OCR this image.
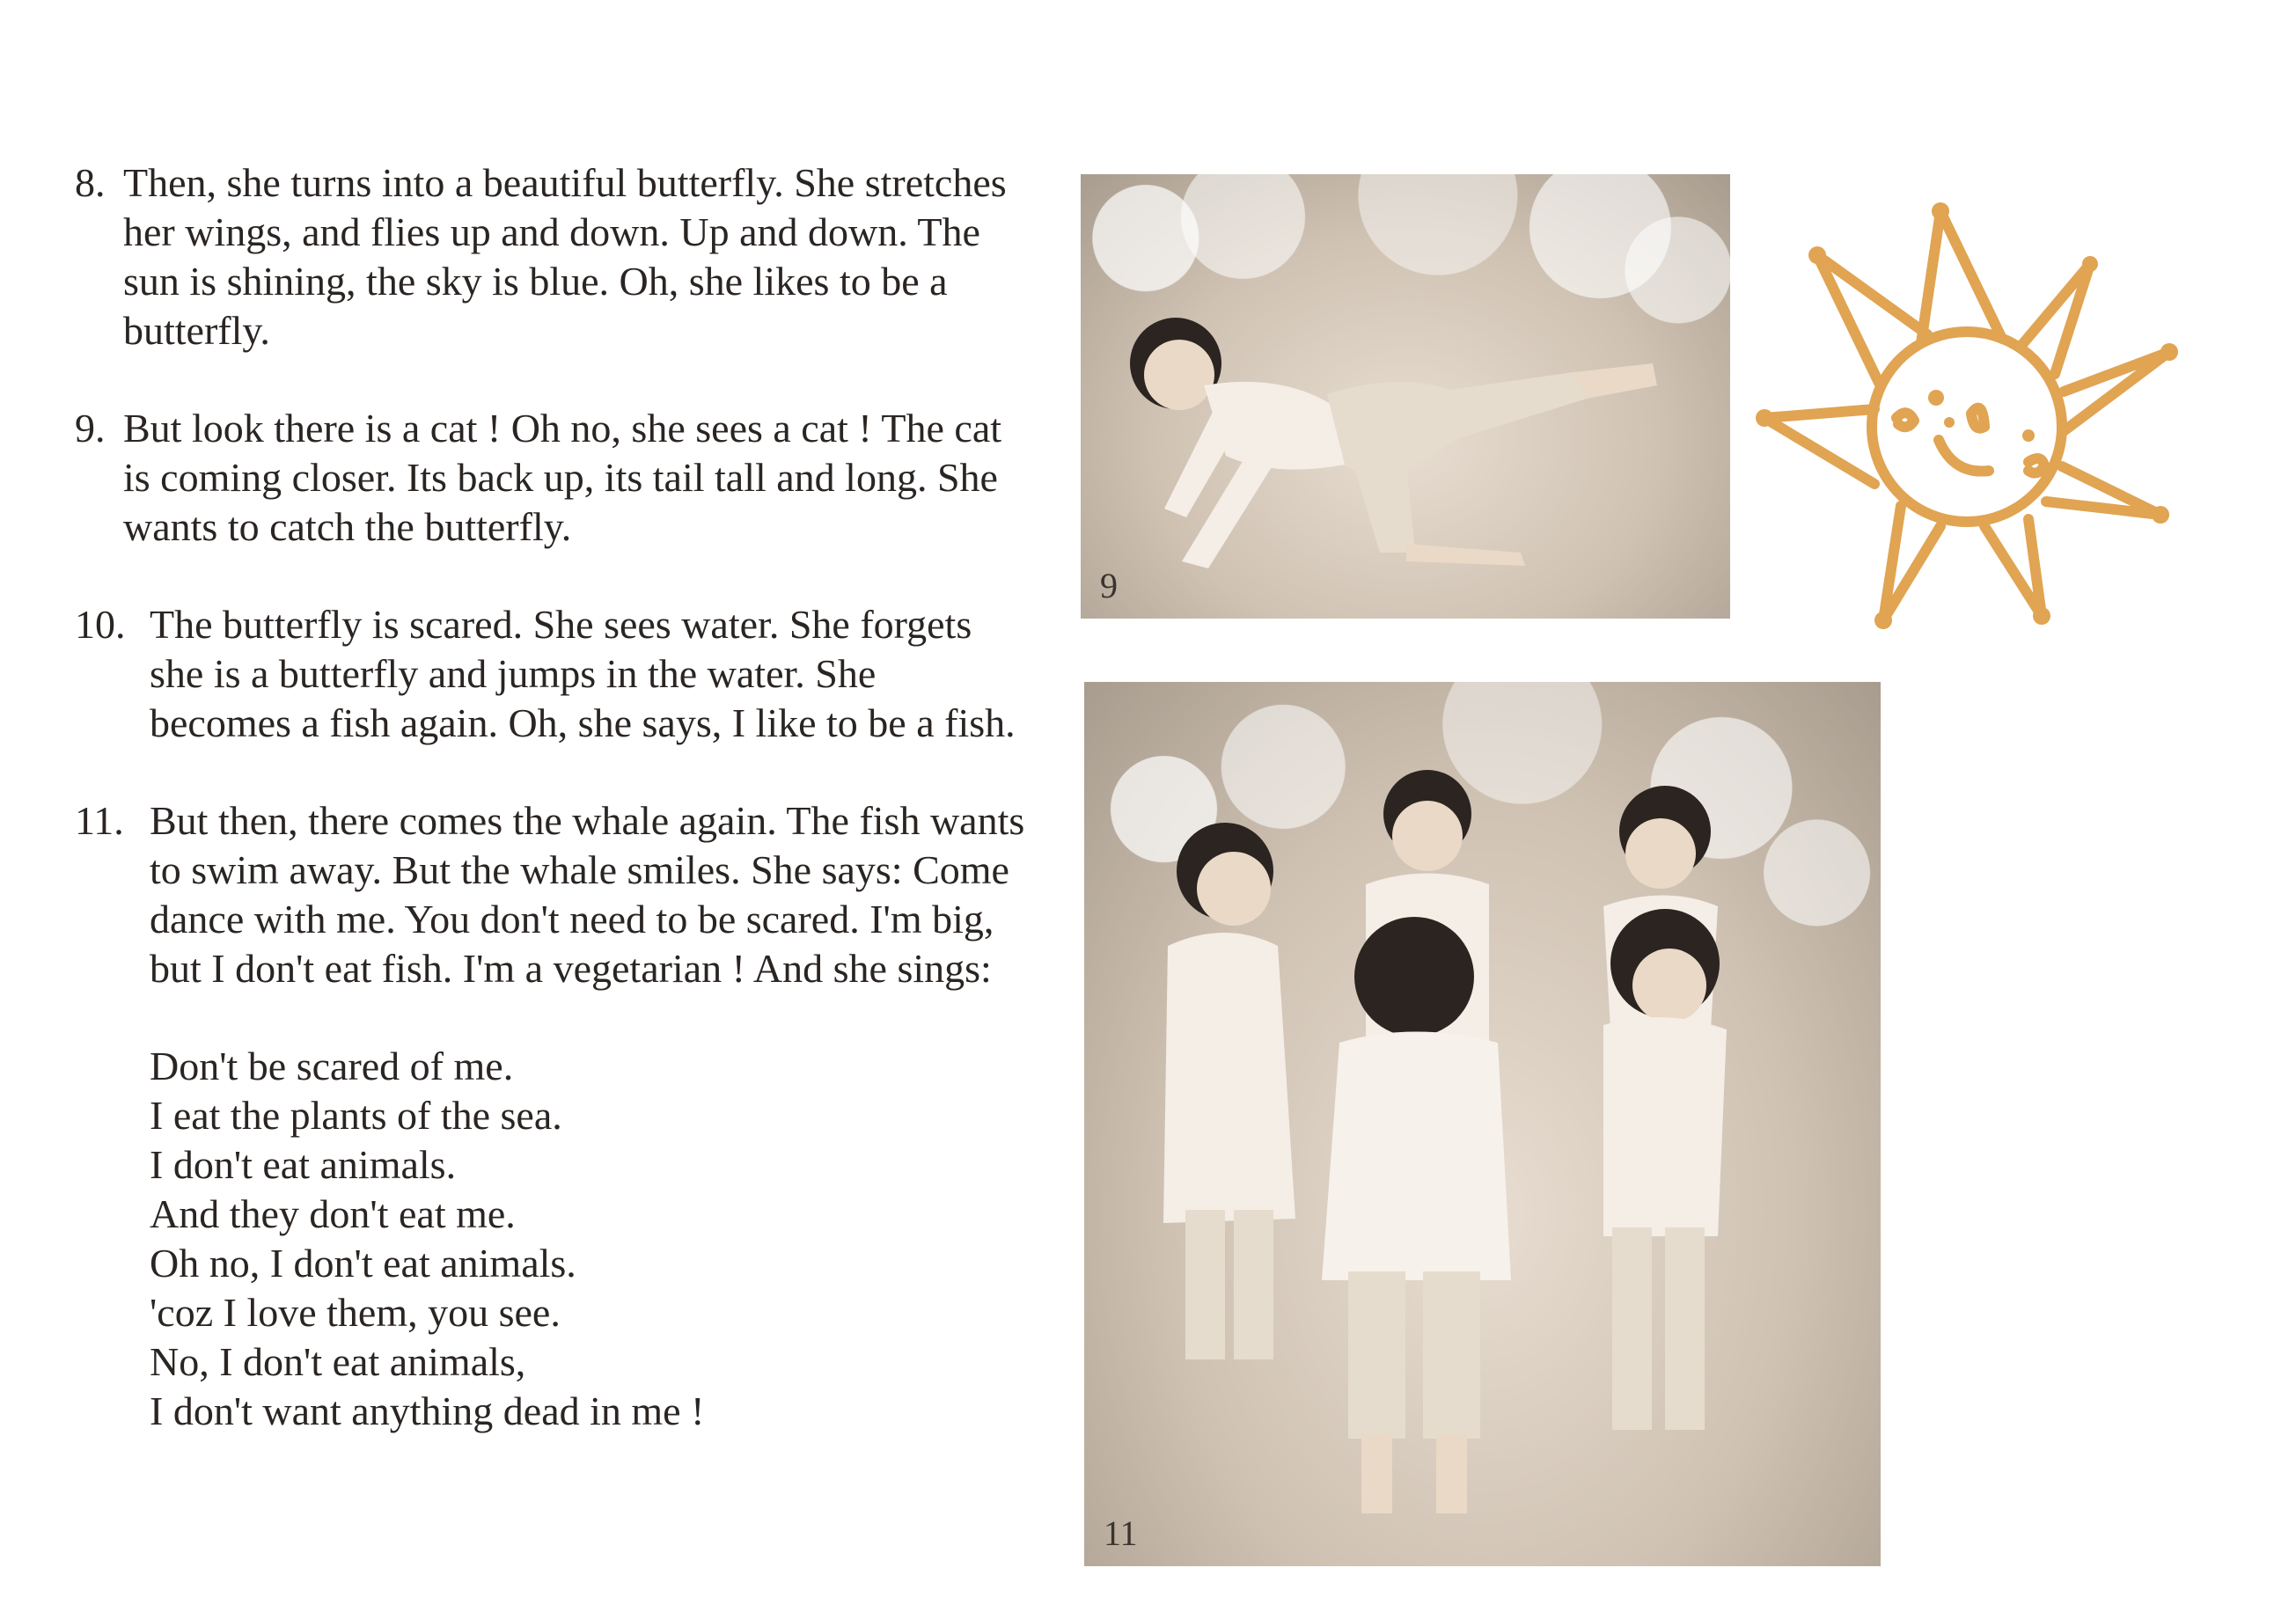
8. Then, she turns into a beautiful butterfly. She stretches her wings, and flies up and down. Up and down. The sun is shining, the sky is blue. Oh, she likes to be a butterfly.
9. But look there is a cat ! Oh no, she sees a cat ! The cat is coming closer. Its back up, its tail tall and long. She wants to catch the butterfly.
10. The butterfly is scared. She sees water. She forgets she is a butterfly and jumps in the water. She becomes a fish again. Oh, she says, I like to be a fish.
11. But then, there comes the whale again. The fish wants to swim away. But the whale smiles. She says: Come dance with me. You don't need to be scared. I'm big, but I don't eat fish. I'm a vegetarian ! And she sings:
Don't be scared of me.
I eat the plants of the sea.
I don't eat animals.
And they don't eat me.
Oh no, I don't eat animals.
'coz I love them, you see.
No, I don't eat animals,
I don't want anything dead in me !
9
11
